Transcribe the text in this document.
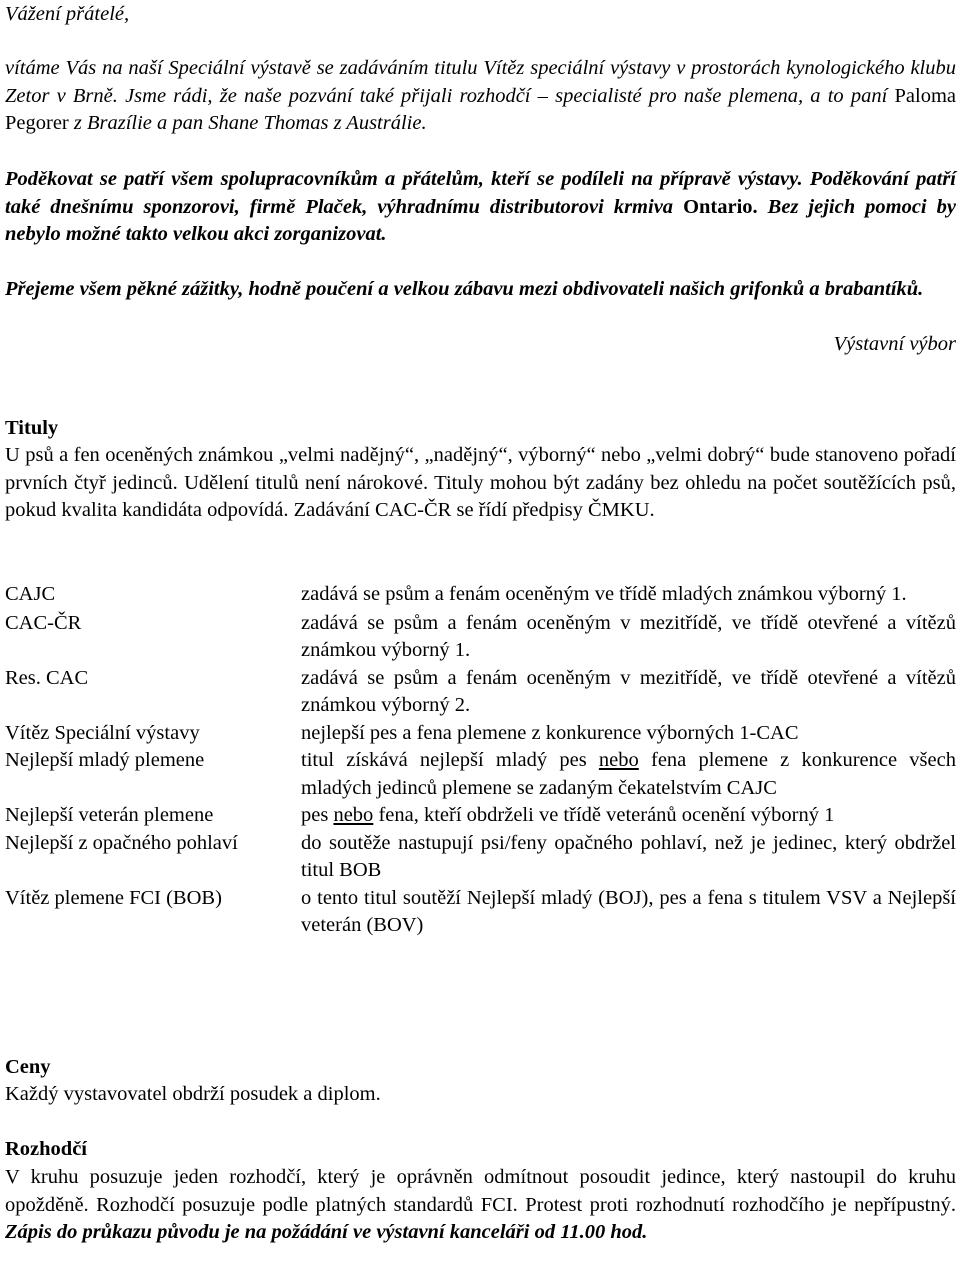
Vážení přátelé,

vítáme Vás na naší Speciální výstavě se zadáváním titulu Vítěz speciální výstavy v prostorách kynologického klubu Zetor v Brně. Jsme rádi, že naše pozvání také přijali rozhodčí – specialisté pro naše plemena, a to paní Paloma Pegorer z Brazílie a pan Shane Thomas z Austrálie.

Poděkovat se patří všem spolupracovníkům a přátelům, kteří se podíleli na přípravě výstavy. Poděkování patří také dnešnímu sponzorovi, firmě Plaček, výhradnímu distributorovi krmiva Ontario. Bez jejich pomoci by nebylo možné takto velkou akci zorganizovat.

Přejeme všem pěkné zážitky, hodně poučení a velkou zábavu mezi obdivovateli našich grifonků a brabantíků.

Výstavní výbor

Tituly

U psů a fen oceněných známkou „velmi nadějný“, „nadějný“, výborný“ nebo „velmi dobrý“ bude stanoveno pořadí prvních čtyř jedinců. Udělení titulů není nárokové. Tituly mohou být zadány bez ohledu na počet soutěžících psů, pokud kvalita kandidáta odpovídá. Zadávání CAC-ČR se řídí předpisy ČMKU.

CAJC	zadává se psům a fenám oceněným ve třídě mladých známkou výborný 1.
CAC-ČR	zadává se psům a fenám oceněným v mezitřídě, ve třídě otevřené a vítězů známkou výborný 1.
Res. CAC	zadává se psům a fenám oceněným v mezitřídě, ve třídě otevřené a vítězů známkou výborný 2.
Vítěz Speciální výstavy	nejlepší pes a fena plemene z konkurence výborných 1-CAC
Nejlepší mladý plemene	titul získává nejlepší mladý pes nebo fena plemene z konkurence všech mladých jedinců plemene se zadaným čekatelstvím CAJC
Nejlepší veterán plemene	pes nebo fena, kteří obdrželi ve třídě veteránů ocenění výborný 1
Nejlepší z opačného pohlaví	do soutěže nastupují psi/feny opačného pohlaví, než je jedinec, který obdržel titul BOB
Vítěz plemene FCI (BOB)	o tento titul soutěží Nejlepší mladý (BOJ), pes a fena s titulem VSV a Nejlepší veterán (BOV)

Ceny

Každý vystavovatel obdrží posudek a diplom.

Rozhodčí

V kruhu posuzuje jeden rozhodčí, který je oprávněn odmítnout posoudit jedince, který nastoupil do kruhu opožděně. Rozhodčí posuzuje podle platných standardů FCI. Protest proti rozhodnutí rozhodčího je nepřípustný. Zápis do průkazu původu je na požádání ve výstavní kanceláři od 11.00 hod.
